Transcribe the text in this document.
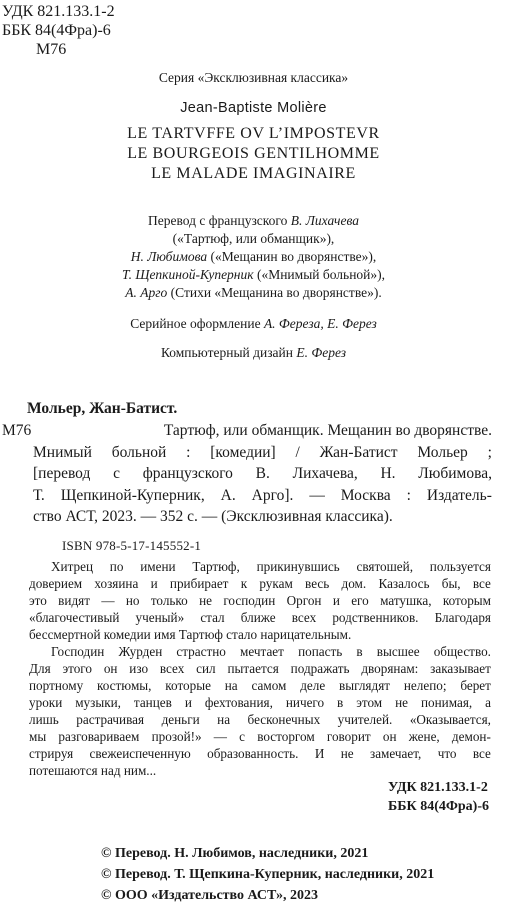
УДК 821.133.1-2
ББК 84(4Фра)-6
М76
Серия «Эксклюзивная классика»
Jean-Baptiste Molière
LE TARTVFFE OV L’IMPOSTEVR
LE BOURGEOIS GENTILHOMME
LE MALADE IMAGINAIRE
Перевод с французского В. Лихачева
(«Тартюф, или обманщик»),
Н. Любимова («Мещанин во дворянстве»),
Т. Щепкиной-Куперник («Мнимый больной»),
А. Арго (Стихи «Мещанина во дворянстве»).
Серийное оформление А. Фереза, Е. Ферез
Компьютерный дизайн Е. Ферез
Мольер, Жан-Батист.
М76	Тартюф, или обманщик. Мещанин во дворянстве.
Мнимый больной : [комедии] / Жан-Батист Мольер ;
[перевод с французского В. Лихачева, Н. Любимова,
Т. Щепкиной-Куперник, А. Арго]. — Москва : Издатель-
ство АСТ, 2023. — 352 с. — (Эксклюзивная классика).
ISBN 978-5-17-145552-1
Хитрец по имени Тартюф, прикинувшись святошей, пользуется
доверием хозяина и прибирает к рукам весь дом. Казалось бы, все
это видят — но только не господин Оргон и его матушка, которым
«благочестивый ученый» стал ближе всех родственников. Благодаря
бессмертной комедии имя Тартюф стало нарицательным.
Господин Журден страстно мечтает попасть в высшее общество.
Для этого он изо всех сил пытается подражать дворянам: заказывает
портному костюмы, которые на самом деле выглядят нелепо; берет
уроки музыки, танцев и фехтования, ничего в этом не понимая, а
лишь растрачивая деньги на бесконечных учителей. «Оказывается,
мы разговариваем прозой!» — с восторгом говорит он жене, демон-
стрируя свежеиспеченную образованность. И не замечает, что все
потешаются над ним...
УДК 821.133.1-2
ББК 84(4Фра)-6
© Перевод. Н. Любимов, наследники, 2021
© Перевод. Т. Щепкина-Куперник, наследники, 2021
© ООО «Издательство АСТ», 2023
